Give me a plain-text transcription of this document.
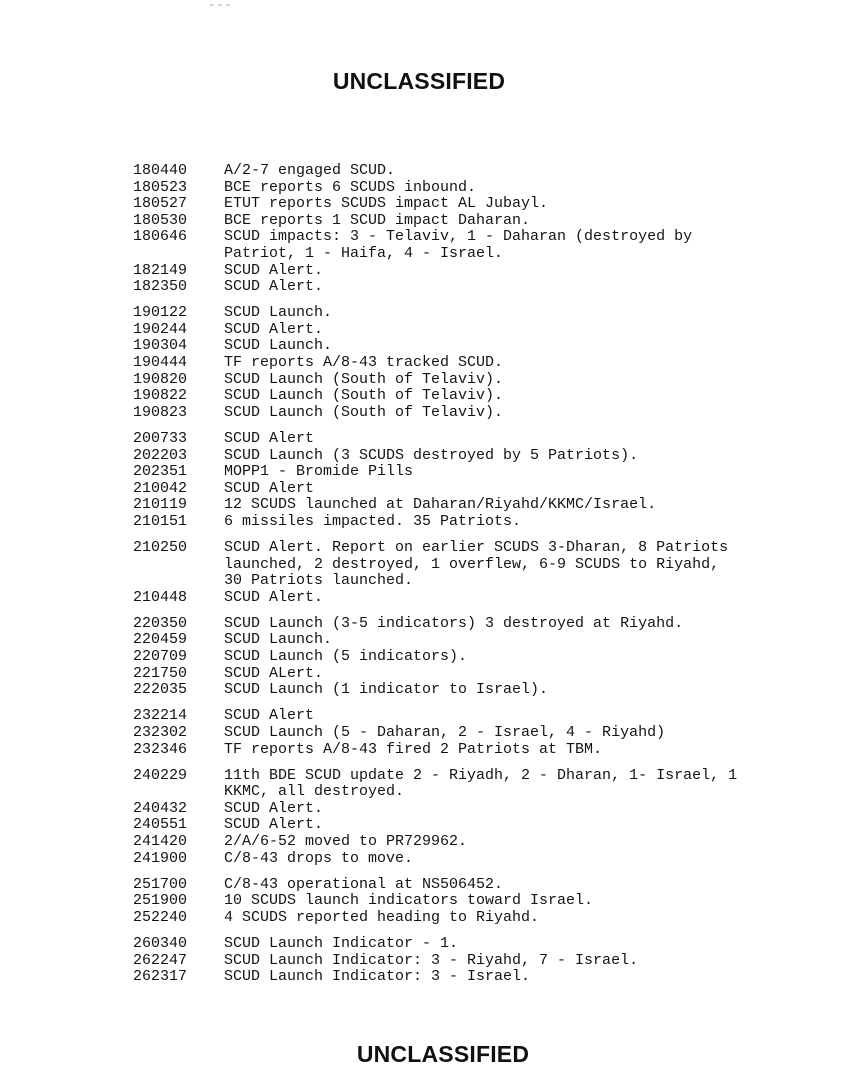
---
UNCLASSIFIED
180440	A/2-7 engaged SCUD.
180523	BCE reports 6 SCUDS inbound.
180527	ETUT reports SCUDS impact AL Jubayl.
180530	BCE reports 1 SCUD impact Daharan.
180646	SCUD impacts: 3 - Telaviv, 1 - Daharan (destroyed by
Patriot, 1 - Haifa, 4 - Israel.
182149	SCUD Alert.
182350	SCUD Alert.
190122	SCUD Launch.
190244	SCUD Alert.
190304	SCUD Launch.
190444	TF reports A/8-43 tracked SCUD.
190820	SCUD Launch (South of Telaviv).
190822	SCUD Launch (South of Telaviv).
190823	SCUD Launch (South of Telaviv).
200733	SCUD Alert
202203	SCUD Launch (3 SCUDS destroyed by 5 Patriots).
202351	MOPP1 - Bromide Pills
210042	SCUD Alert
210119	12 SCUDS launched at Daharan/Riyahd/KKMC/Israel.
210151	6 missiles impacted. 35 Patriots.
210250	SCUD Alert. Report on earlier SCUDS 3-Dharan, 8 Patriots
launched, 2 destroyed, 1 overflew, 6-9 SCUDS to Riyahd,
30 Patriots launched.
210448	SCUD Alert.
220350	SCUD Launch (3-5 indicators) 3 destroyed at Riyahd.
220459	SCUD Launch.
220709	SCUD Launch (5 indicators).
221750	SCUD ALert.
222035	SCUD Launch (1 indicator to Israel).
232214	SCUD Alert
232302	SCUD Launch (5 - Daharan, 2 - Israel, 4 - Riyahd)
232346	TF reports A/8-43 fired 2 Patriots at TBM.
240229	11th BDE SCUD update 2 - Riyadh, 2 - Dharan, 1- Israel, 1
KKMC, all destroyed.
240432	SCUD Alert.
240551	SCUD Alert.
241420	2/A/6-52 moved to PR729962.
241900	C/8-43 drops to move.
251700	C/8-43 operational at NS506452.
251900	10 SCUDS launch indicators toward Israel.
252240	4 SCUDS reported heading to Riyahd.
260340	SCUD Launch Indicator - 1.
262247	SCUD Launch Indicator: 3 - Riyahd, 7 - Israel.
262317	SCUD Launch Indicator: 3 - Israel.
UNCLASSIFIED
